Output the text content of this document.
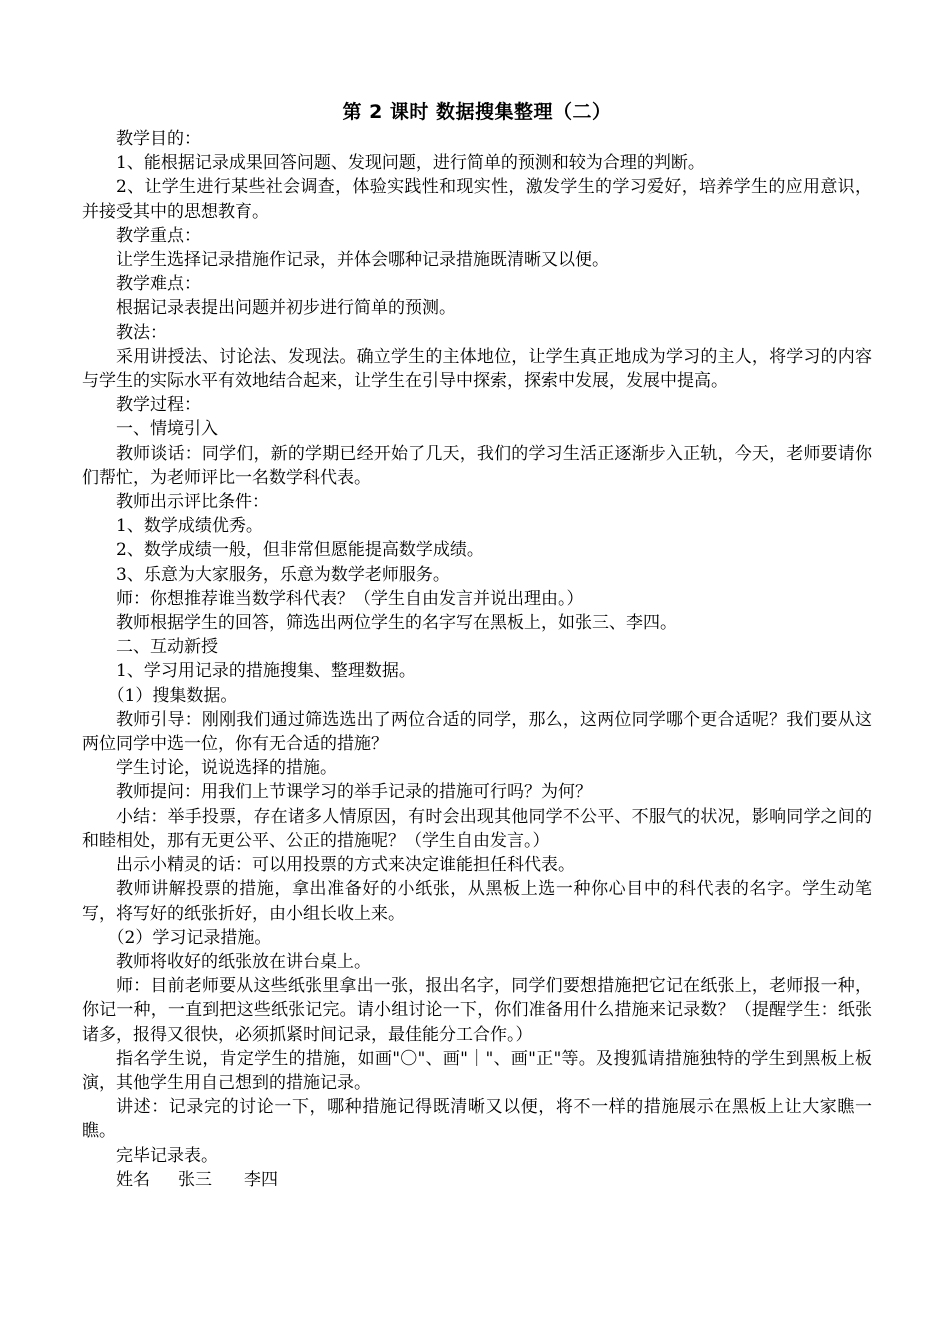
第 2 课时 数据搜集整理（二）

教学目的：

1、能根据记录成果回答问题、发现问题，进行简单的预测和较为合理的判断。

2、让学生进行某些社会调查，体验实践性和现实性，激发学生的学习爱好，培养学生的应用意识，并接受其中的思想教育。

教学重点：

让学生选择记录措施作记录，并体会哪种记录措施既清晰又以便。

教学难点：

根据记录表提出问题并初步进行简单的预测。

教法：

采用讲授法、讨论法、发现法。确立学生的主体地位，让学生真正地成为学习的主人，将学习的内容与学生的实际水平有效地结合起来，让学生在引导中探索，探索中发展，发展中提高。

教学过程：

一、情境引入

教师谈话：同学们，新的学期已经开始了几天，我们的学习生活正逐渐步入正轨，今天，老师要请你们帮忙，为老师评比一名数学科代表。

教师出示评比条件：

1、数学成绩优秀。

2、数学成绩一般，但非常但愿能提高数学成绩。

3、乐意为大家服务，乐意为数学老师服务。

师：你想推荐谁当数学科代表？（学生自由发言并说出理由。）

教师根据学生的回答，筛选出两位学生的名字写在黑板上，如张三、李四。

二、互动新授

1、学习用记录的措施搜集、整理数据。

（1）搜集数据。

教师引导：刚刚我们通过筛选选出了两位合适的同学，那么，这两位同学哪个更合适呢？我们要从这两位同学中选一位，你有无合适的措施？

学生讨论，说说选择的措施。

教师提问：用我们上节课学习的举手记录的措施可行吗？为何？

小结：举手投票，存在诸多人情原因，有时会出现其他同学不公平、不服气的状况，影响同学之间的和睦相处，那有无更公平、公正的措施呢？（学生自由发言。）

出示小精灵的话：可以用投票的方式来决定谁能担任科代表。

教师讲解投票的措施，拿出准备好的小纸张，从黑板上选一种你心目中的科代表的名字。学生动笔写，将写好的纸张折好，由小组长收上来。

（2）学习记录措施。

教师将收好的纸张放在讲台桌上。

师：目前老师要从这些纸张里拿出一张，报出名字，同学们要想措施把它记在纸张上，老师报一种，你记一种，一直到把这些纸张记完。请小组讨论一下，你们准备用什么措施来记录数？（提醒学生：纸张诸多，报得又很快，必须抓紧时间记录，最佳能分工合作。）

指名学生说，肯定学生的措施，如画"〇"、画"｜"、画"正"等。及搜狐请措施独特的学生到黑板上板演，其他学生用自己想到的措施记录。

讲述：记录完的讨论一下，哪种措施记得既清晰又以便，将不一样的措施展示在黑板上让大家瞧一瞧。

完毕记录表。

姓名 张三 李四
